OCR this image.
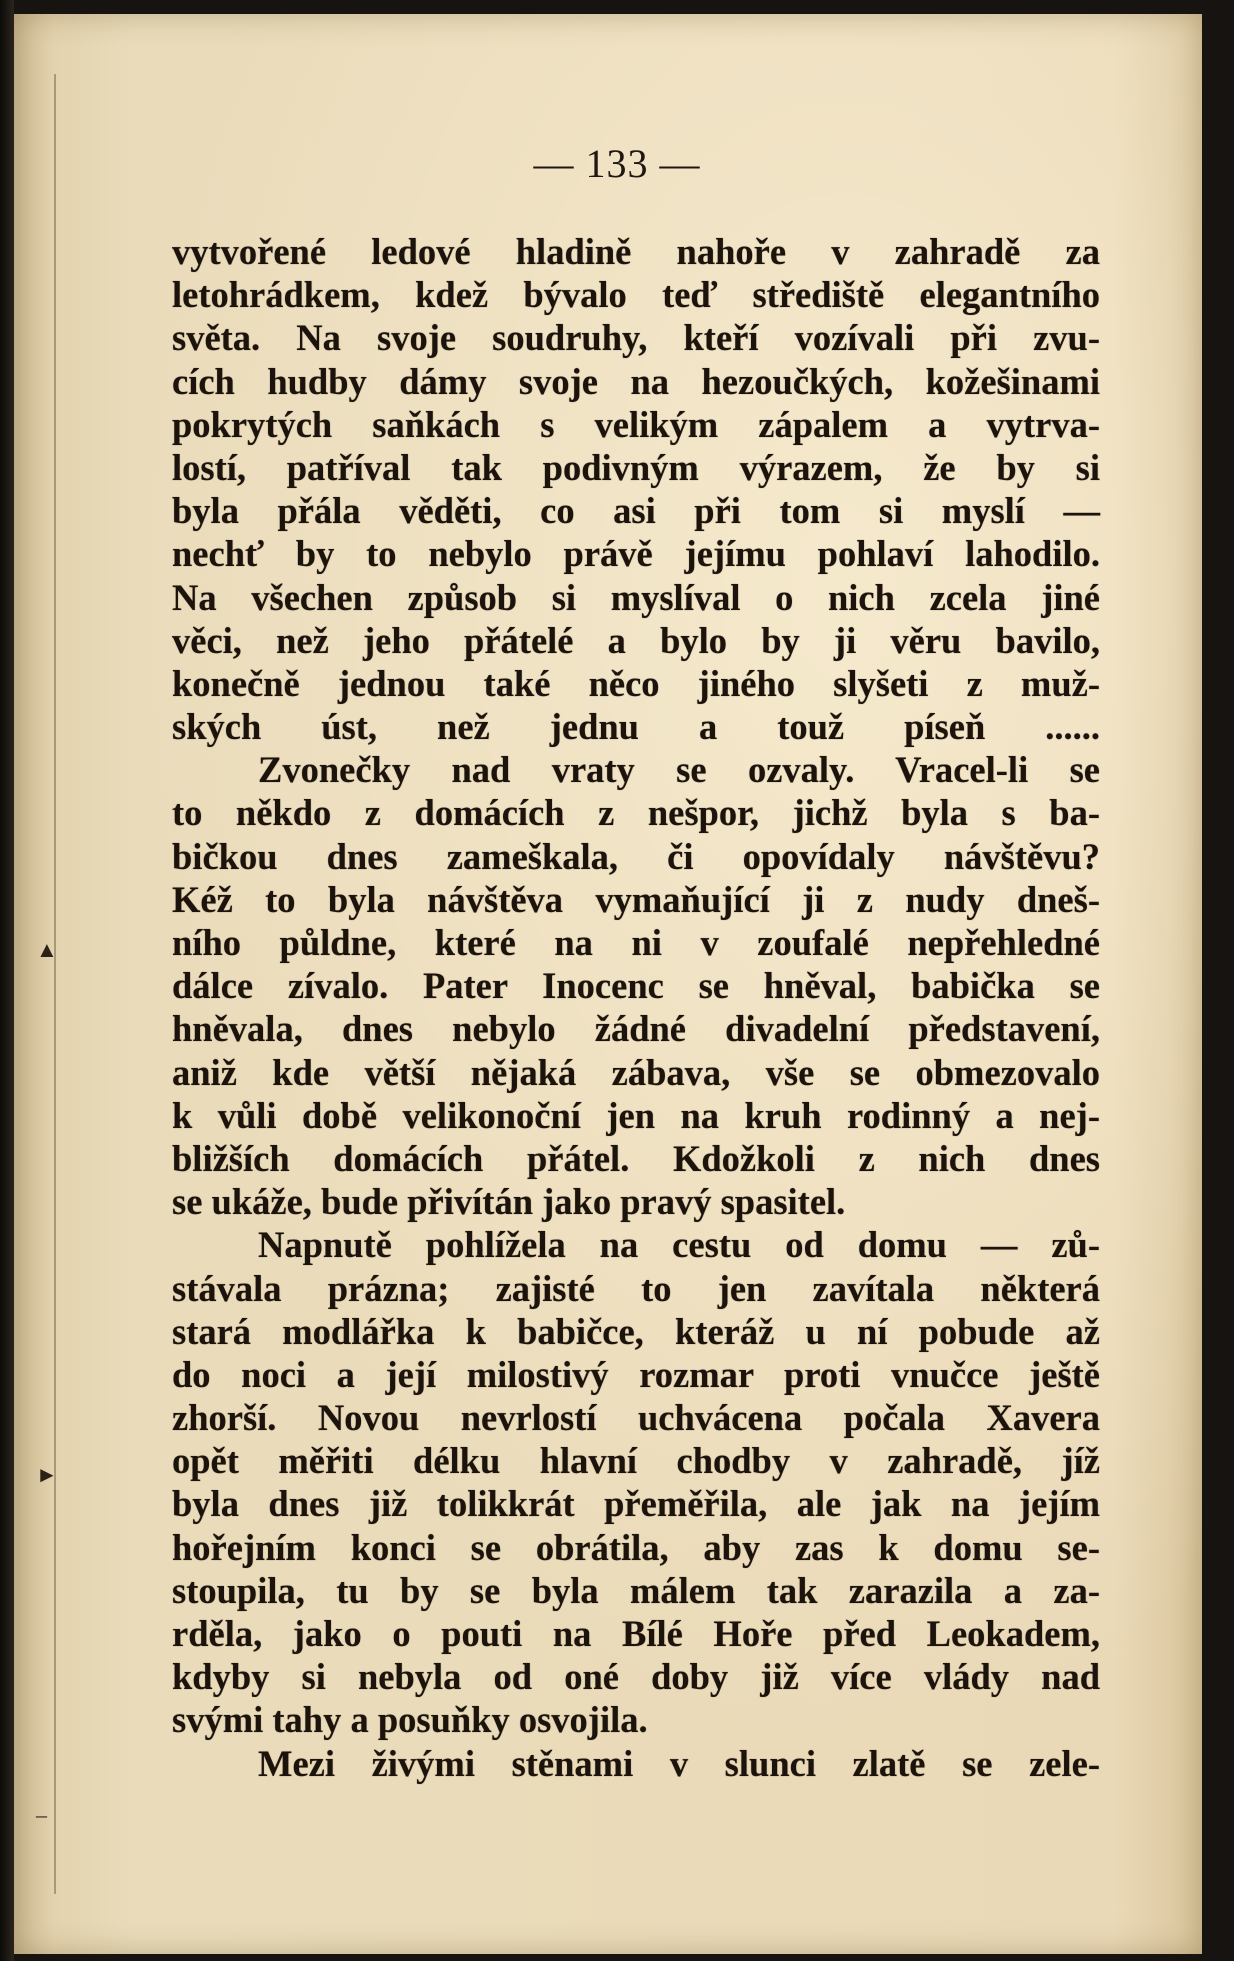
▲
►
–
— 133 —
vytvořené ledové hladině nahoře v zahradě za
letohrádkem, kdež bývalo teď střediště elegantního
světa. Na svoje soudruhy, kteří vozívali při zvu-
cích hudby dámy svoje na hezoučkých, kožešinami
pokrytých saňkách s velikým zápalem a vytrva-
lostí, patříval tak podivným výrazem, že by si
byla přála věděti, co asi při tom si myslí —
nechť by to nebylo právě jejímu pohlaví lahodilo.
Na všechen způsob si myslíval o nich zcela jiné
věci, než jeho přátelé a bylo by ji věru bavilo,
konečně jednou také něco jiného slyšeti z muž-
ských úst, než jednu a touž píseň ......
Zvonečky nad vraty se ozvaly. Vracel-li se
to někdo z domácích z nešpor, jichž byla s ba-
bičkou dnes zameškala, či opovídaly návštěvu?
Kéž to byla návštěva vymaňující ji z nudy dneš-
ního půldne, které na ni v zoufalé nepřehledné
dálce zívalo. Pater Inocenc se hněval, babička se
hněvala, dnes nebylo žádné divadelní představení,
aniž kde větší nějaká zábava, vše se obmezovalo
k vůli době velikonoční jen na kruh rodinný a nej-
bližších domácích přátel. Kdožkoli z nich dnes
se ukáže, bude přivítán jako pravý spasitel.
Napnutě pohlížela na cestu od domu — zů-
stávala prázna; zajisté to jen zavítala některá
stará modlářka k babičce, kteráž u ní pobude až
do noci a její milostivý rozmar proti vnučce ještě
zhorší. Novou nevrlostí uchvácena počala Xavera
opět měřiti délku hlavní chodby v zahradě, jíž
byla dnes již tolikkrát přeměřila, ale jak na jejím
hořejním konci se obrátila, aby zas k domu se-
stoupila, tu by se byla málem tak zarazila a za-
rděla, jako o pouti na Bílé Hoře před Leokadem,
kdyby si nebyla od oné doby již více vlády nad
svými tahy a posuňky osvojila.
Mezi živými stěnami v slunci zlatě se zele-
